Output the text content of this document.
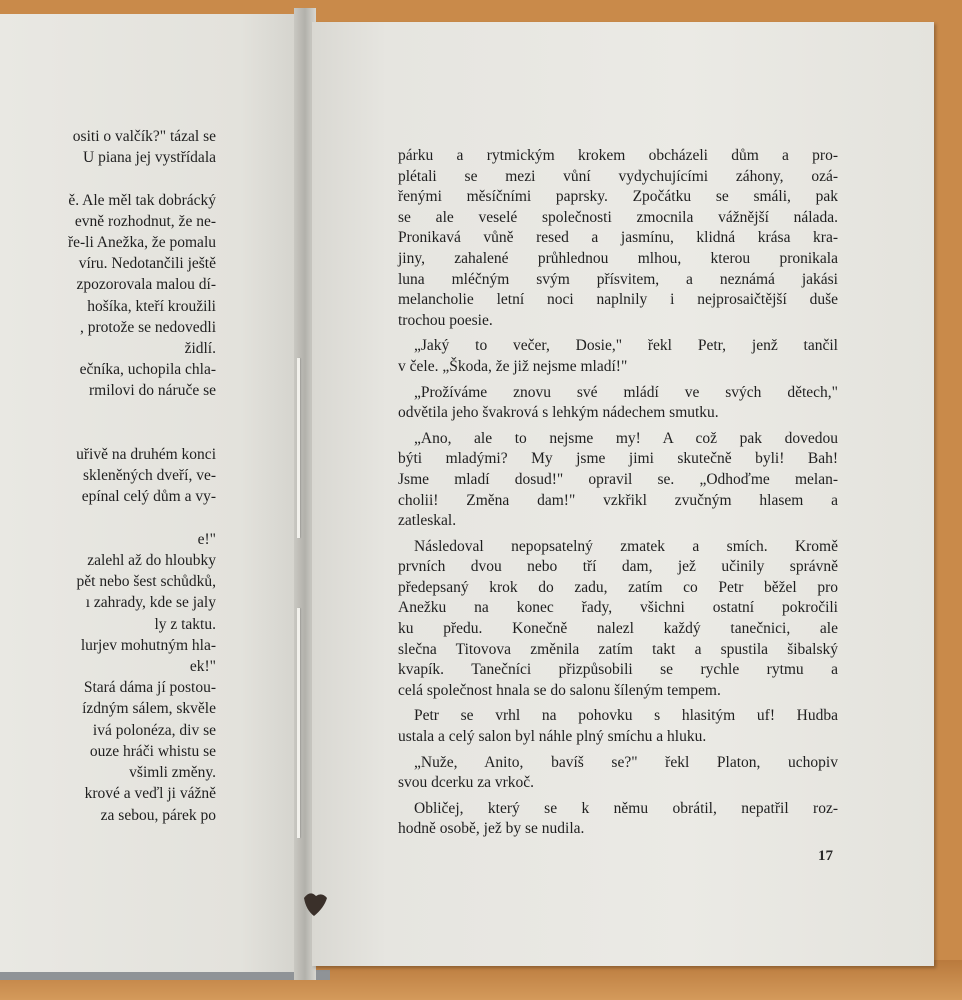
ositi o valčík?" tázal se
U piana jej vystřídala

ě. Ale měl tak dobrácký
evně rozhodnut, že ne-
ře-li Anežka, že pomalu
víru. Nedotančili ještě
zpozorovala malou dí-
hošíka, kteří kroužili
, protože se nedovedli
židlí.
ečníka, uchopila chla-
rmilovi do náruče se

uřivě na druhém konci
skleněných dveří, ve-
epínal celý dům a vy-

e!"
zalehl až do hloubky
pět nebo šest schůdků,
ı zahrady, kde se jaly
ly z taktu.
lurjev mohutným hla-
ek!"
Stará dáma jí postou-
ízdným sálem, skvěle
ivá polonéza, div se
ouze hráči whistu se
všimli změny.
krové a veďl ji vážně
za sebou, párek po
párku a rytmickým krokem obcházeli dům a pro-
plétali se mezi vůní vydychujícími záhony, ozá-
řenými měsíčními paprsky. Zpočátku se smáli, pak
se ale veselé společnosti zmocnila vážnější nálada.
Pronikavá vůně resed a jasmínu, klidná krása kra-
jiny, zahalené průhlednou mlhou, kterou pronikala
luna mléčným svým přísvitem, a neznámá jakási
melancholie letní noci naplnily i nejprosaičtější duše
trochou poesie.
„Jaký to večer, Dosie," řekl Petr, jenž tančil
v čele. „Škoda, že již nejsme mladí!"
„Prožíváme znovu své mládí ve svých dětech,"
odvětila jeho švakrová s lehkým nádechem smutku.
„Ano, ale to nejsme my! A což pak dovedou
býti mladými? My jsme jimi skutečně byli! Bah!
Jsme mladí dosud!" opravil se. „Odhoďme melan-
cholii! Změna dam!" vzkřikl zvučným hlasem a
zatleskal.
Následoval nepopsatelný zmatek a smích. Kromě
prvních dvou nebo tří dam, jež učinily správně
předepsaný krok do zadu, zatím co Petr běžel pro
Anežku na konec řady, všichni ostatní pokročili
ku předu. Konečně nalezl každý tanečnici, ale
slečna Titovova změnila zatím takt a spustila šibalský
kvapík. Tanečníci přizpůsobili se rychle rytmu a
celá společnost hnala se do salonu šíleným tempem.
Petr se vrhl na pohovku s hlasitým uf! Hudba
ustala a celý salon byl náhle plný smíchu a hluku.
„Nuže, Anito, bavíš se?" řekl Platon, uchopiv
svou dcerku za vrkoč.
Obličej, který se k němu obrátil, nepatřil roz-
hodně osobě, jež by se nudila.
17
